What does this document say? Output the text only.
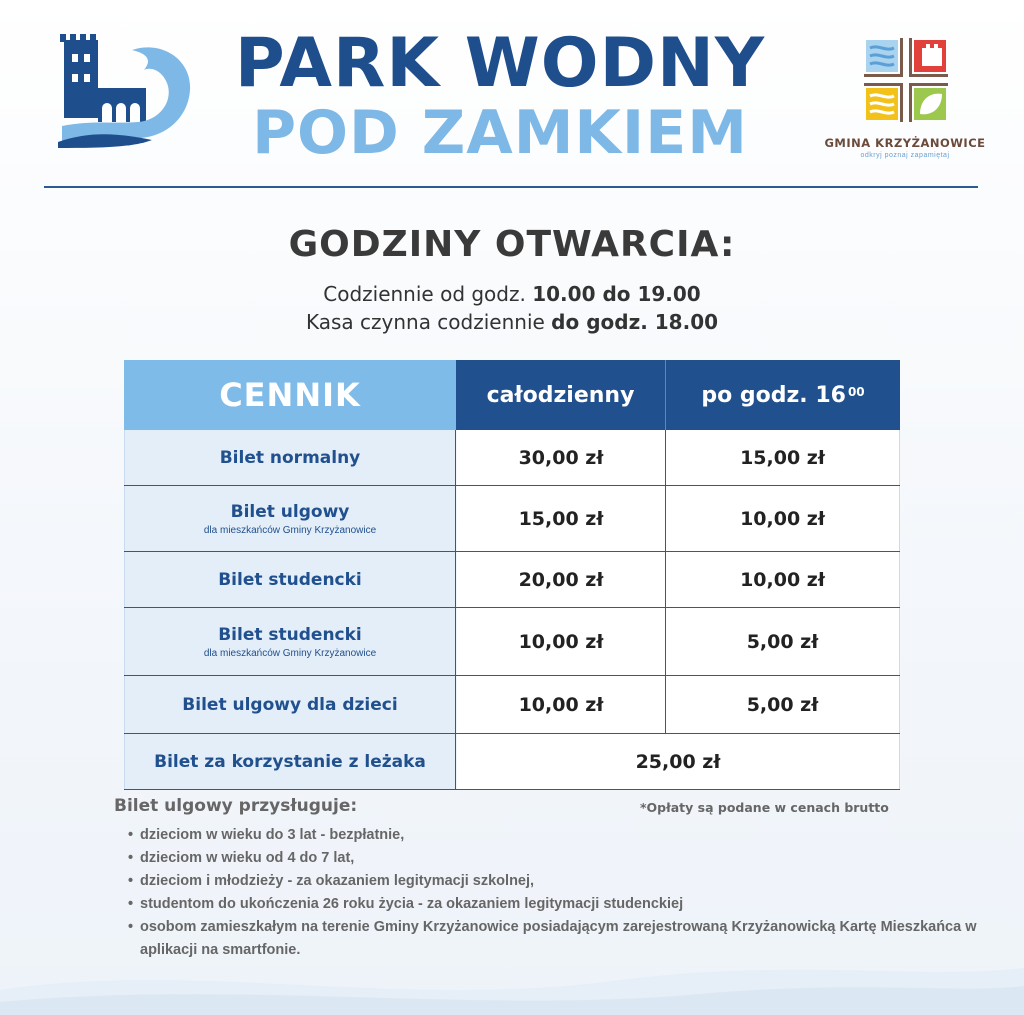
PARK WODNY
POD ZAMKIEM	GMINA KRZYŻANOWICE
odkryj poznaj zapamiętaj
GODZINY OTWARCIA:
Codziennie od godz. 10.00 do 19.00
Kasa czynna codziennie do godz. 18.00
CENNIK	całodzienny	po godz. $16^{00}$
Bilet normalny	30,00 zł	15,00 zł
Bilet ulgowy
dla mieszkańców Gminy Krzyżanowice
15,00 zł	10,00 zł
Bilet studencki	20,00 zł	10,00 zł
Bilet studencki
dla mieszkańców Gminy Krzyżanowice
10,00 zł	5,00 zł
Bilet ulgowy dla dzieci	10,00 zł	5,00 zł
Bilet za korzystanie z leżaka	25,00 zł
Bilet ulgowy przysługuje:	*Opłaty są podane w cenach brutto
• dzieciom w wieku do 3 lat - bezpłatnie,
• dzieciom w wieku od 4 do 7 lat,
• dzieciom i młodzieży - za okazaniem legitymacji szkolnej,
• studentom do ukończenia 26 roku życia - za okazaniem legitymacji studenckiej
• osobom zamieszkałym na terenie Gminy Krzyżanowice posiadającym zarejestrowaną Krzyżanowicką Kartę Mieszkańca w aplikacji na smartfonie.
